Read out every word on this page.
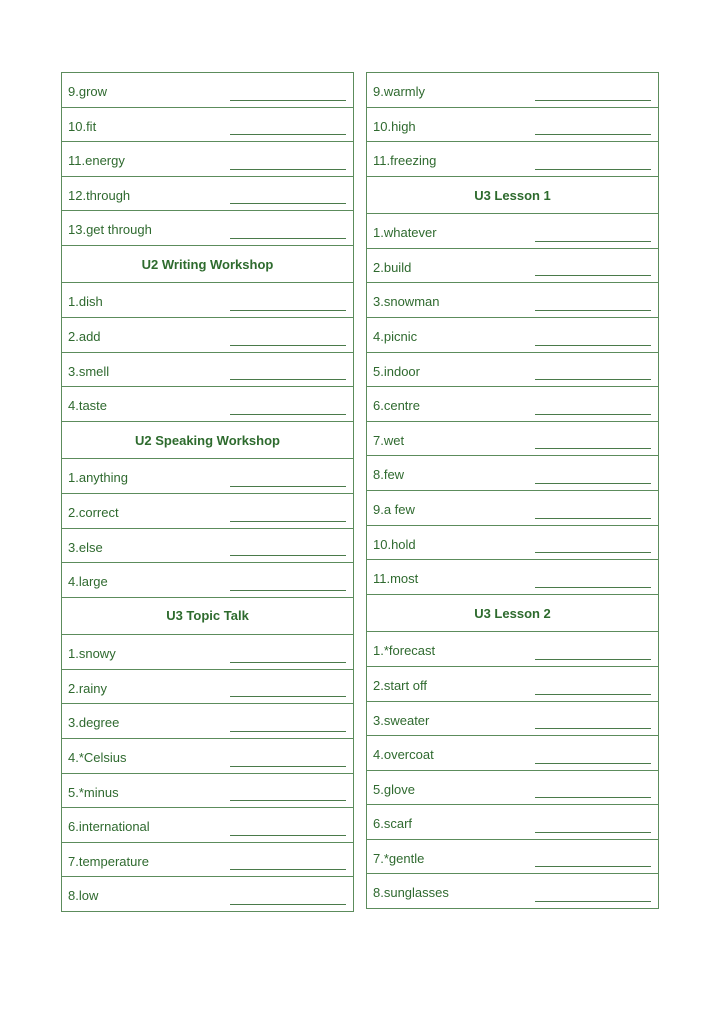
9.grow
10.fit
11.energy
12.through
13.get through
U2 Writing Workshop
1.dish
2.add
3.smell
4.taste
U2 Speaking Workshop
1.anything
2.correct
3.else
4.large
U3 Topic Talk
1.snowy
2.rainy
3.degree
4.*Celsius
5.*minus
6.international
7.temperature
8.low
9.warmly
10.high
11.freezing
U3 Lesson 1
1.whatever
2.build
3.snowman
4.picnic
5.indoor
6.centre
7.wet
8.few
9.a few
10.hold
11.most
U3 Lesson 2
1.*forecast
2.start off
3.sweater
4.overcoat
5.glove
6.scarf
7.*gentle
8.sunglasses
